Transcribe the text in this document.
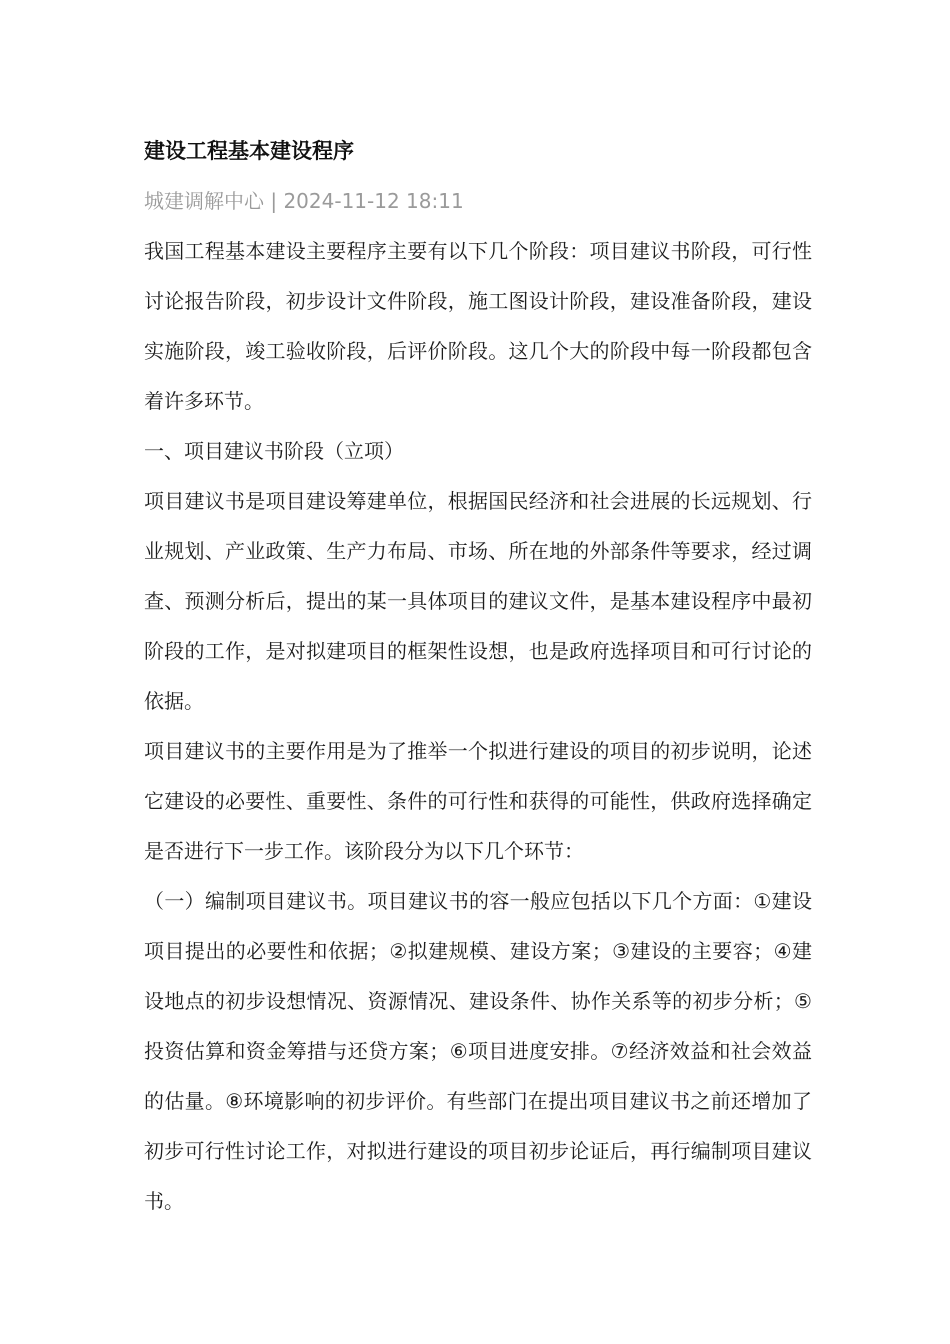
建设工程基本建设程序

城建调解中心 | 2024-11-12 18:11

我国工程基本建设主要程序主要有以下几个阶段：项目建议书阶段，可行性讨论报告阶段，初步设计文件阶段，施工图设计阶段，建设准备阶段，建设实施阶段，竣工验收阶段，后评价阶段。这几个大的阶段中每一阶段都包含着许多环节。

一、项目建议书阶段（立项）

项目建议书是项目建设筹建单位，根据国民经济和社会进展的长远规划、行业规划、产业政策、生产力布局、市场、所在地的外部条件等要求，经过调查、预测分析后，提出的某一具体项目的建议文件，是基本建设程序中最初阶段的工作，是对拟建项目的框架性设想，也是政府选择项目和可行讨论的依据。

项目建议书的主要作用是为了推举一个拟进行建设的项目的初步说明，论述它建设的必要性、重要性、条件的可行性和获得的可能性，供政府选择确定是否进行下一步工作。该阶段分为以下几个环节：

（一）编制项目建议书。项目建议书的容一般应包括以下几个方面：①建设项目提出的必要性和依据；②拟建规模、建设方案；③建设的主要容；④建设地点的初步设想情况、资源情况、建设条件、协作关系等的初步分析；⑤投资估算和资金筹措与还贷方案；⑥项目进度安排。⑦经济效益和社会效益的估量。⑧环境影响的初步评价。有些部门在提出项目建议书之前还增加了初步可行性讨论工作，对拟进行建设的项目初步论证后，再行编制项目建议书。
